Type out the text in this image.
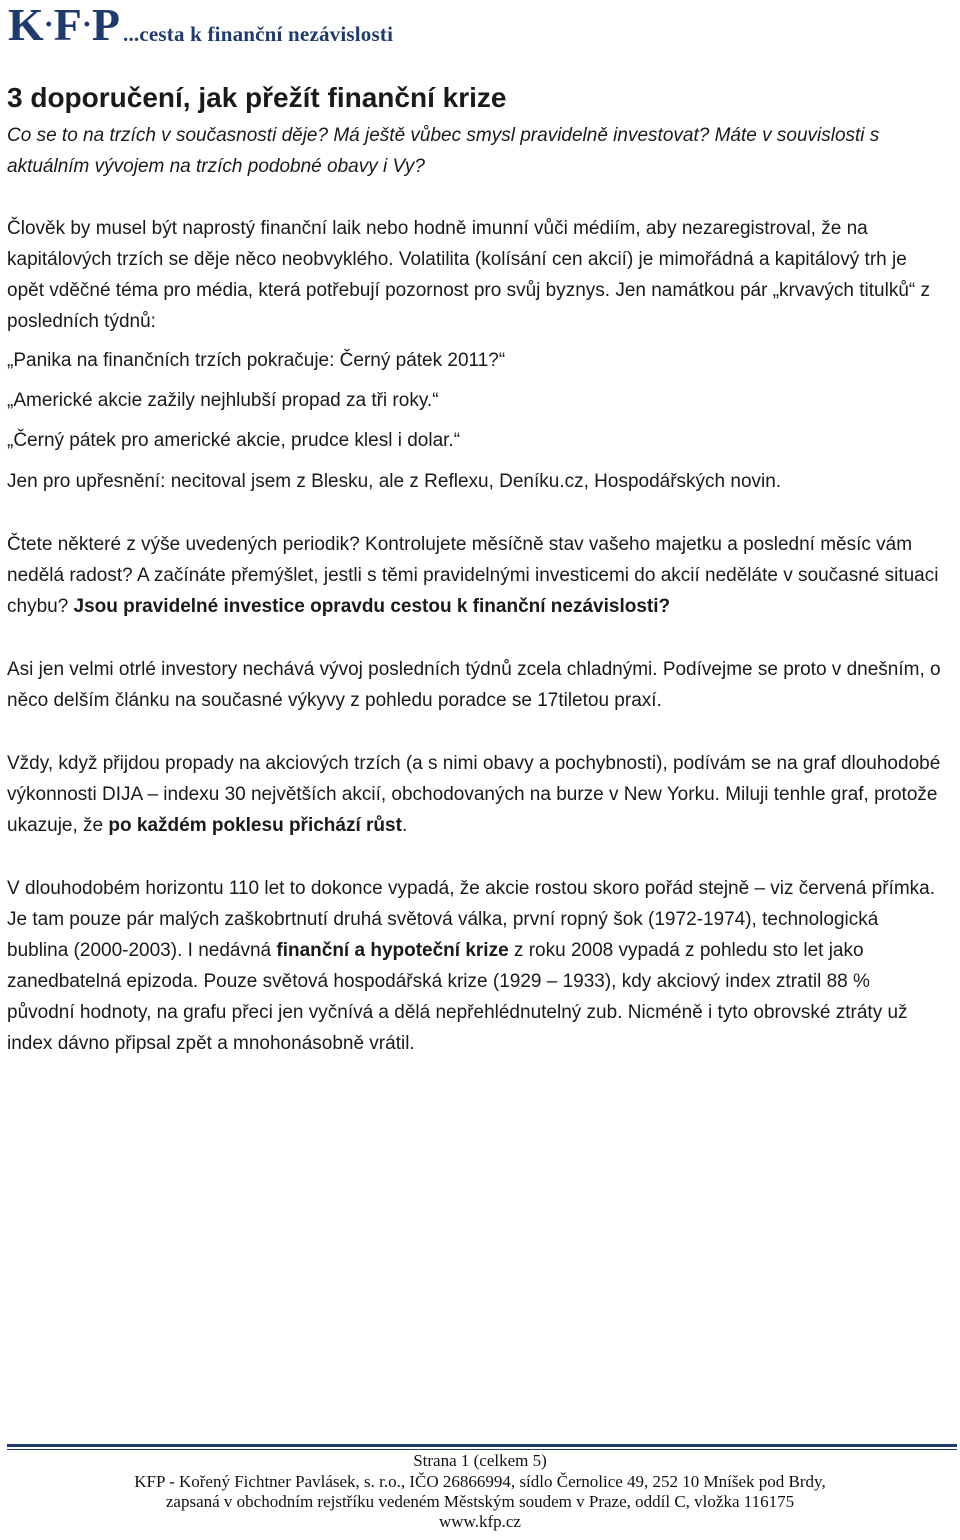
K·F·P ...cesta k finanční nezávislosti
3 doporučení, jak přežít finanční krize

Co se to na trzích v současnosti děje? Má ještě vůbec smysl pravidelně investovat? Máte v souvislosti s aktuálním vývojem na trzích podobné obavy i Vy?

Člověk by musel být naprostý finanční laik nebo hodně imunní vůči médiím, aby nezaregistroval, že na kapitálových trzích se děje něco neobvyklého. Volatilita (kolísání cen akcií) je mimořádná a kapitálový trh je opět vděčné téma pro média, která potřebují pozornost pro svůj byznys. Jen namátkou pár „krvavých titulků“ z posledních týdnů:

„Panika na finančních trzích pokračuje: Černý pátek 2011?“

„Americké akcie zažily nejhlubší propad za tři roky.“

„Černý pátek pro americké akcie, prudce klesl i dolar.“

Jen pro upřesnění: necitoval jsem z Blesku, ale z Reflexu, Deníku.cz, Hospodářských novin.

Čtete některé z výše uvedených periodik? Kontrolujete měsíčně stav vašeho majetku a poslední měsíc vám nedělá radost? A začínáte přemýšlet, jestli s těmi pravidelnými investicemi do akcií neděláte v současné situaci chybu? Jsou pravidelné investice opravdu cestou k finanční nezávislosti?

Asi jen velmi otrlé investory nechává vývoj posledních týdnů zcela chladnými. Podívejme se proto v dnešním, o něco delším článku na současné výkyvy z pohledu poradce se 17tiletou praxí.

Vždy, když přijdou propady na akciových trzích (a s nimi obavy a pochybnosti), podívám se na graf dlouhodobé výkonnosti DIJA – indexu 30 největších akcií, obchodovaných na burze v New Yorku. Miluji tenhle graf, protože ukazuje, že po každém poklesu přichází růst.

V dlouhodobém horizontu 110 let to dokonce vypadá, že akcie rostou skoro pořád stejně – viz červená přímka. Je tam pouze pár malých zaškobrtnutí druhá světová válka, první ropný šok (1972-1974), technologická bublina (2000-2003). I nedávná finanční a hypoteční krize z roku 2008 vypadá z pohledu sto let jako zanedbatelná epizoda. Pouze světová hospodářská krize (1929 – 1933), kdy akciový index ztratil 88 % původní hodnoty, na grafu přeci jen vyčnívá a dělá nepřehlédnutelný zub. Nicméně i tyto obrovské ztráty už index dávno připsal zpět a mnohonásobně vrátil.

Strana 1 (celkem 5)
KFP - Kořený Fichtner Pavlásek, s. r.o., IČO 26866994, sídlo Černolice 49, 252 10 Mníšek pod Brdy,
zapsaná v obchodním rejstříku vedeném Městským soudem v Praze, oddíl C, vložka 116175
www.kfp.cz
